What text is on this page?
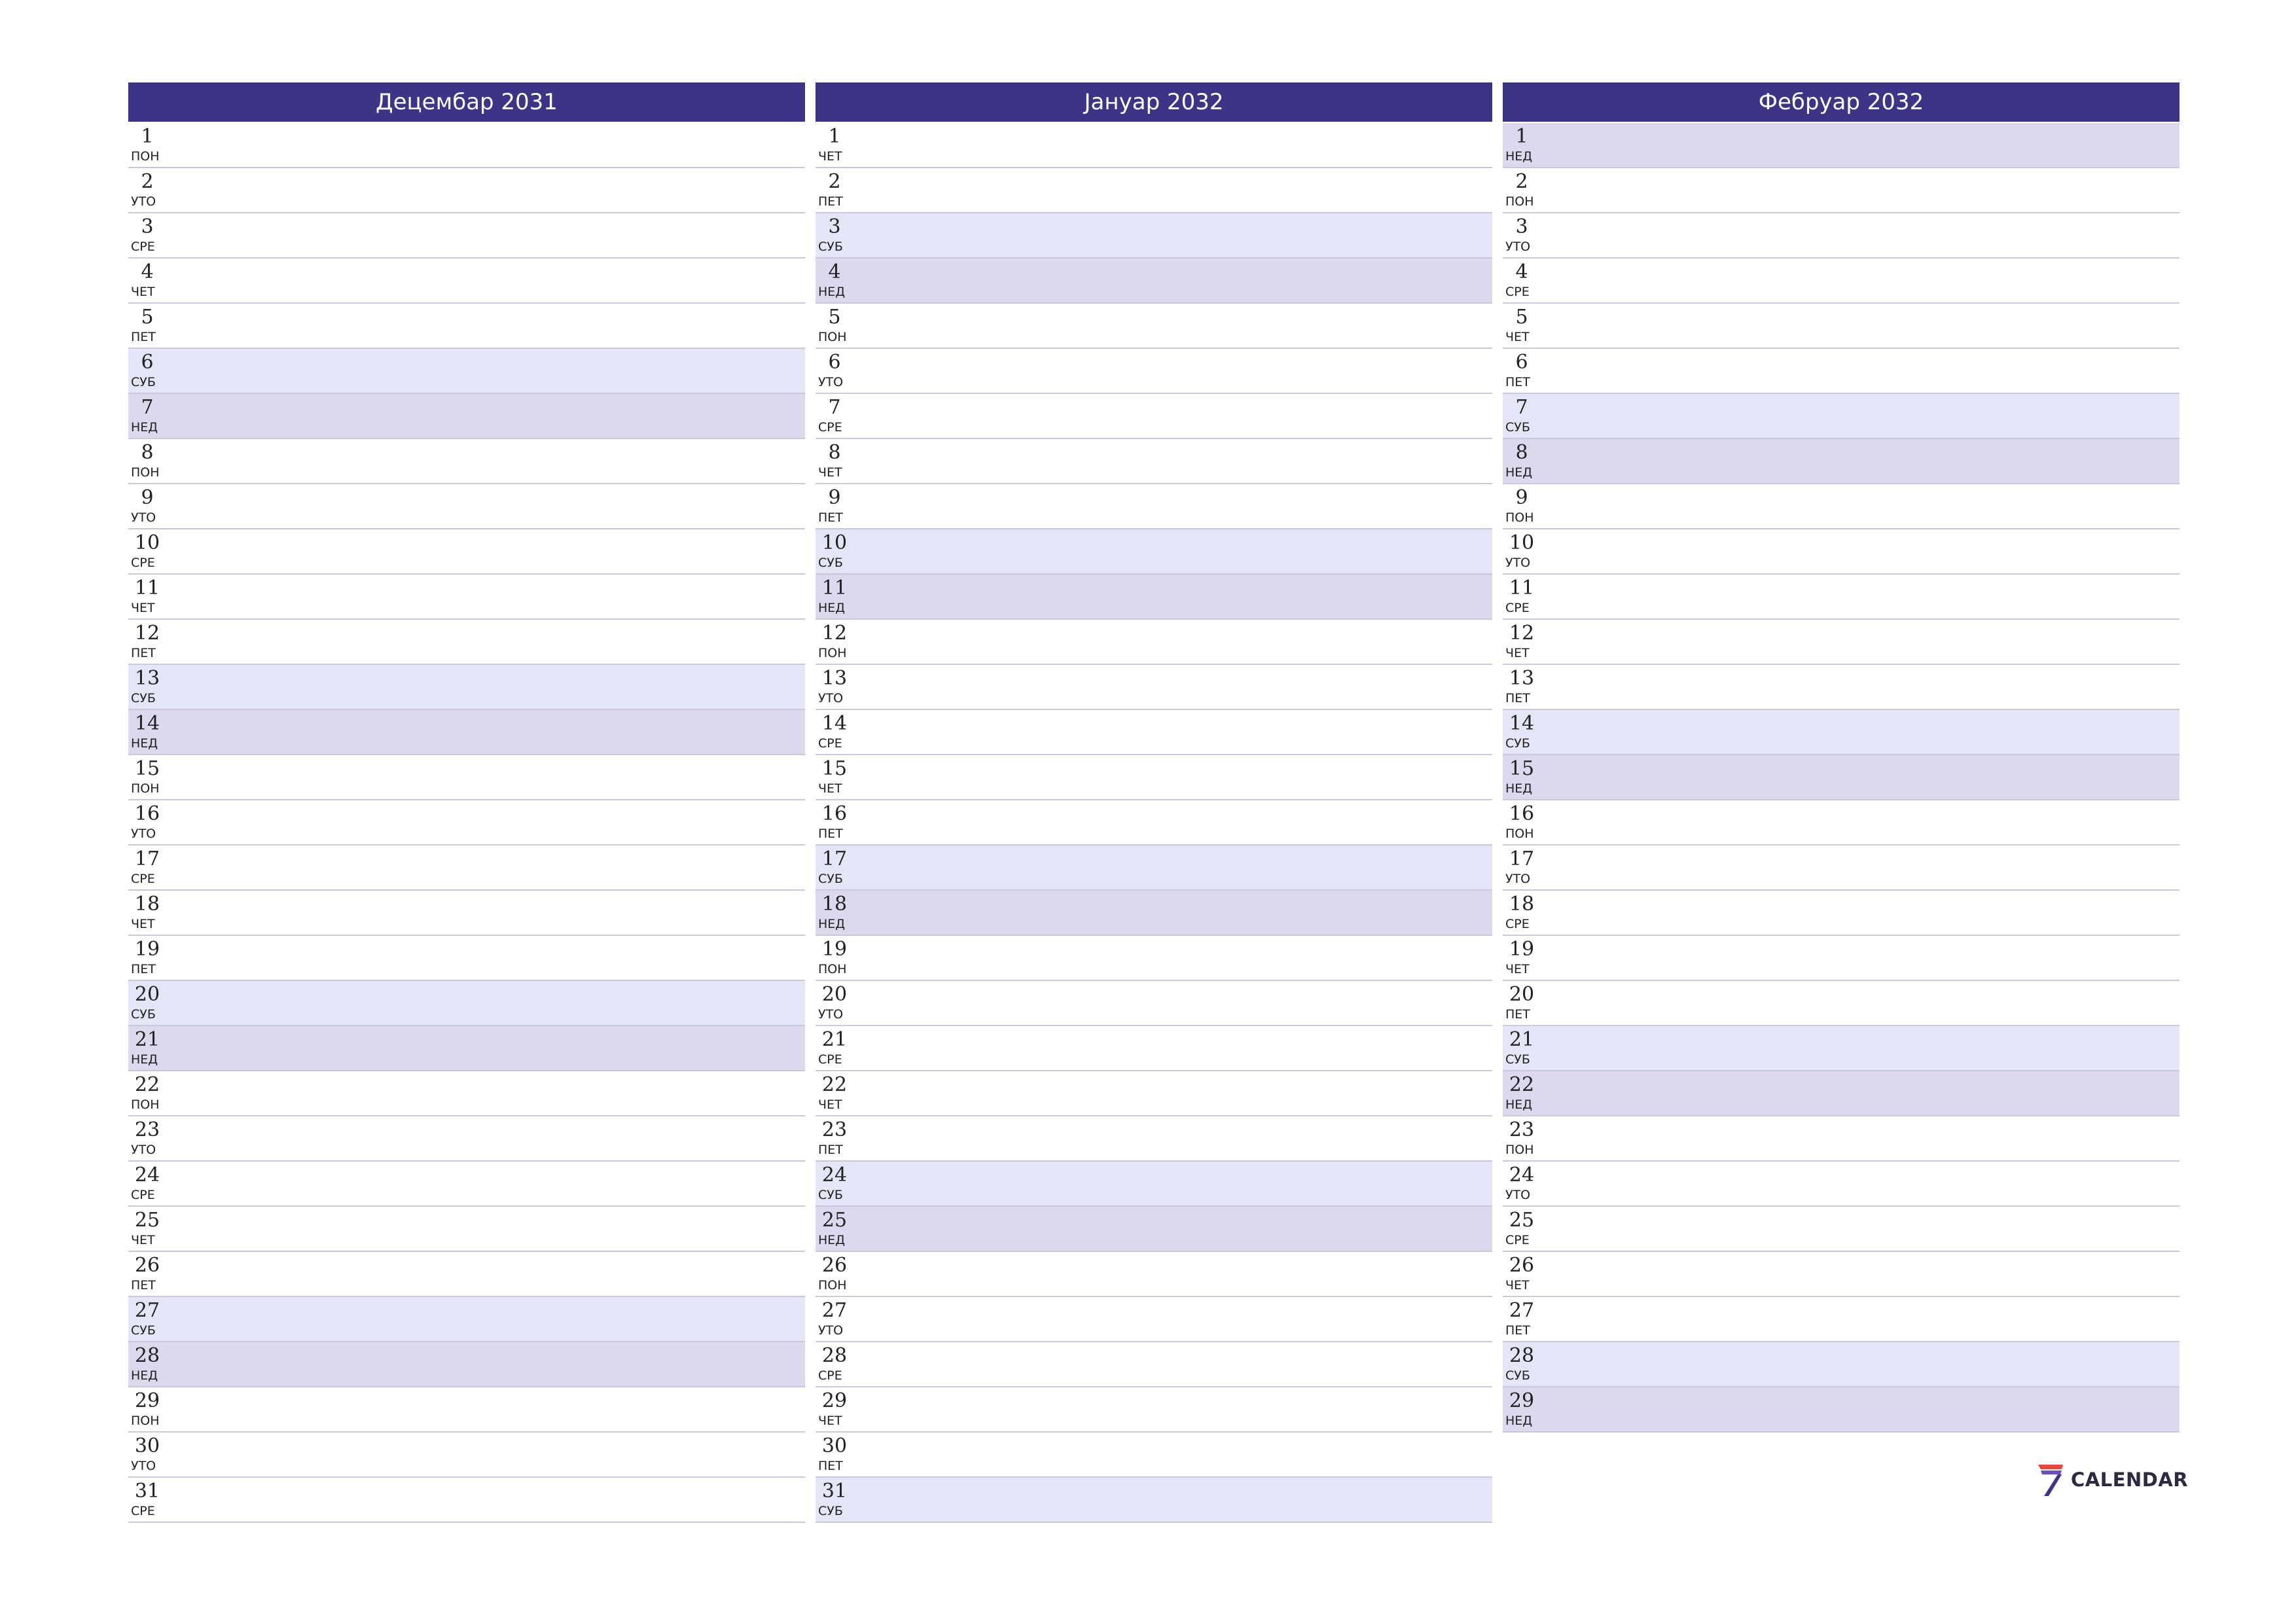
Децембар 2031
1
ПОН
2
УТО
3
СРЕ
4
ЧЕТ
5
ПЕТ
6
СУБ
7
НЕД
8
ПОН
9
УТО
10
СРЕ
11
ЧЕТ
12
ПЕТ
13
СУБ
14
НЕД
15
ПОН
16
УТО
17
СРЕ
18
ЧЕТ
19
ПЕТ
20
СУБ
21
НЕД
22
ПОН
23
УТО
24
СРЕ
25
ЧЕТ
26
ПЕТ
27
СУБ
28
НЕД
29
ПОН
30
УТО
31
СРЕ
Јануар 2032
1
ЧЕТ
2
ПЕТ
3
СУБ
4
НЕД
5
ПОН
6
УТО
7
СРЕ
8
ЧЕТ
9
ПЕТ
10
СУБ
11
НЕД
12
ПОН
13
УТО
14
СРЕ
15
ЧЕТ
16
ПЕТ
17
СУБ
18
НЕД
19
ПОН
20
УТО
21
СРЕ
22
ЧЕТ
23
ПЕТ
24
СУБ
25
НЕД
26
ПОН
27
УТО
28
СРЕ
29
ЧЕТ
30
ПЕТ
31
СУБ
Фебруар 2032
1
НЕД
2
ПОН
3
УТО
4
СРЕ
5
ЧЕТ
6
ПЕТ
7
СУБ
8
НЕД
9
ПОН
10
УТО
11
СРЕ
12
ЧЕТ
13
ПЕТ
14
СУБ
15
НЕД
16
ПОН
17
УТО
18
СРЕ
19
ЧЕТ
20
ПЕТ
21
СУБ
22
НЕД
23
ПОН
24
УТО
25
СРЕ
26
ЧЕТ
27
ПЕТ
28
СУБ
29
НЕД
CALENDAR
